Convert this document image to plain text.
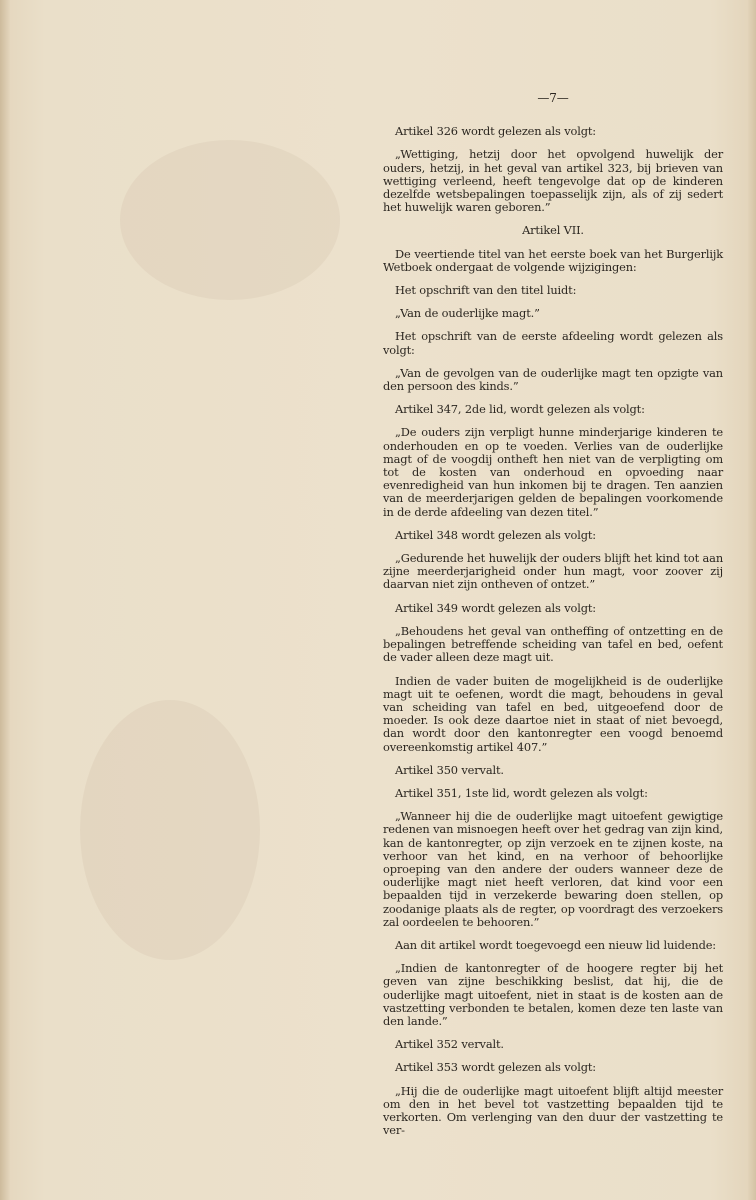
—7—

Artikel 326 wordt gelezen als volgt:

„Wettiging, hetzij door het opvolgend huwelijk der ouders, hetzij, in het geval van artikel 323, bij brieven van wettiging verleend, heeft tengevolge dat op de kinderen dezelfde wetsbepalingen toepasselijk zijn, als of zij sedert het huwelijk waren geboren.”

Artikel VII.

De veertiende titel van het eerste boek van het Burgerlijk Wetboek ondergaat de volgende wijzigingen:

Het opschrift van den titel luidt:

„Van de ouderlijke magt.”

Het opschrift van de eerste afdeeling wordt gelezen als volgt:

„Van de gevolgen van de ouderlijke magt ten opzigte van den persoon des kinds.”

Artikel 347, 2de lid, wordt gelezen als volgt:

„De ouders zijn verpligt hunne minderjarige kinderen te onderhouden en op te voeden. Verlies van de ouderlijke magt of de voogdij ontheft hen niet van de verpligting om tot de kosten van onderhoud en opvoeding naar evenredigheid van hun inkomen bij te dragen. Ten aanzien van de meerderjarigen gelden de bepalingen voorkomende in de derde afdeeling van dezen titel.”

Artikel 348 wordt gelezen als volgt:

„Gedurende het huwelijk der ouders blijft het kind tot aan zijne meerderjarigheid onder hun magt, voor zoover zij daarvan niet zijn ontheven of ontzet.”

Artikel 349 wordt gelezen als volgt:

„Behoudens het geval van ontheffing of ontzetting en de bepalingen betreffende scheiding van tafel en bed, oefent de vader alleen deze magt uit.

Indien de vader buiten de mogelijkheid is de ouderlijke magt uit te oefenen, wordt die magt, behoudens in geval van scheiding van tafel en bed, uitgeoefend door de moeder. Is ook deze daartoe niet in staat of niet bevoegd, dan wordt door den kantonregter een voogd benoemd overeenkomstig artikel 407.”

Artikel 350 vervalt.

Artikel 351, 1ste lid, wordt gelezen als volgt:

„Wanneer hij die de ouderlijke magt uitoefent gewigtige redenen van misnoegen heeft over het gedrag van zijn kind, kan de kantonregter, op zijn verzoek en te zijnen koste, na verhoor van het kind, en na verhoor of behoorlijke oproeping van den andere der ouders wanneer deze de ouderlijke magt niet heeft verloren, dat kind voor een bepaalden tijd in verzekerde bewaring doen stellen, op zoodanige plaats als de regter, op voordragt des verzoekers zal oordeelen te behooren.”

Aan dit artikel wordt toegevoegd een nieuw lid luidende:

„Indien de kantonregter of de hoogere regter bij het geven van zijne beschikking beslist, dat hij, die de ouderlijke magt uitoefent, niet in staat is de kosten aan de vastzetting verbonden te betalen, komen deze ten laste van den lande.”

Artikel 352 vervalt.

Artikel 353 wordt gelezen als volgt:

„Hij die de ouderlijke magt uitoefent blijft altijd meester om den in het bevel tot vastzetting bepaalden tijd te verkorten. Om verlenging van den duur der vastzetting te ver-
